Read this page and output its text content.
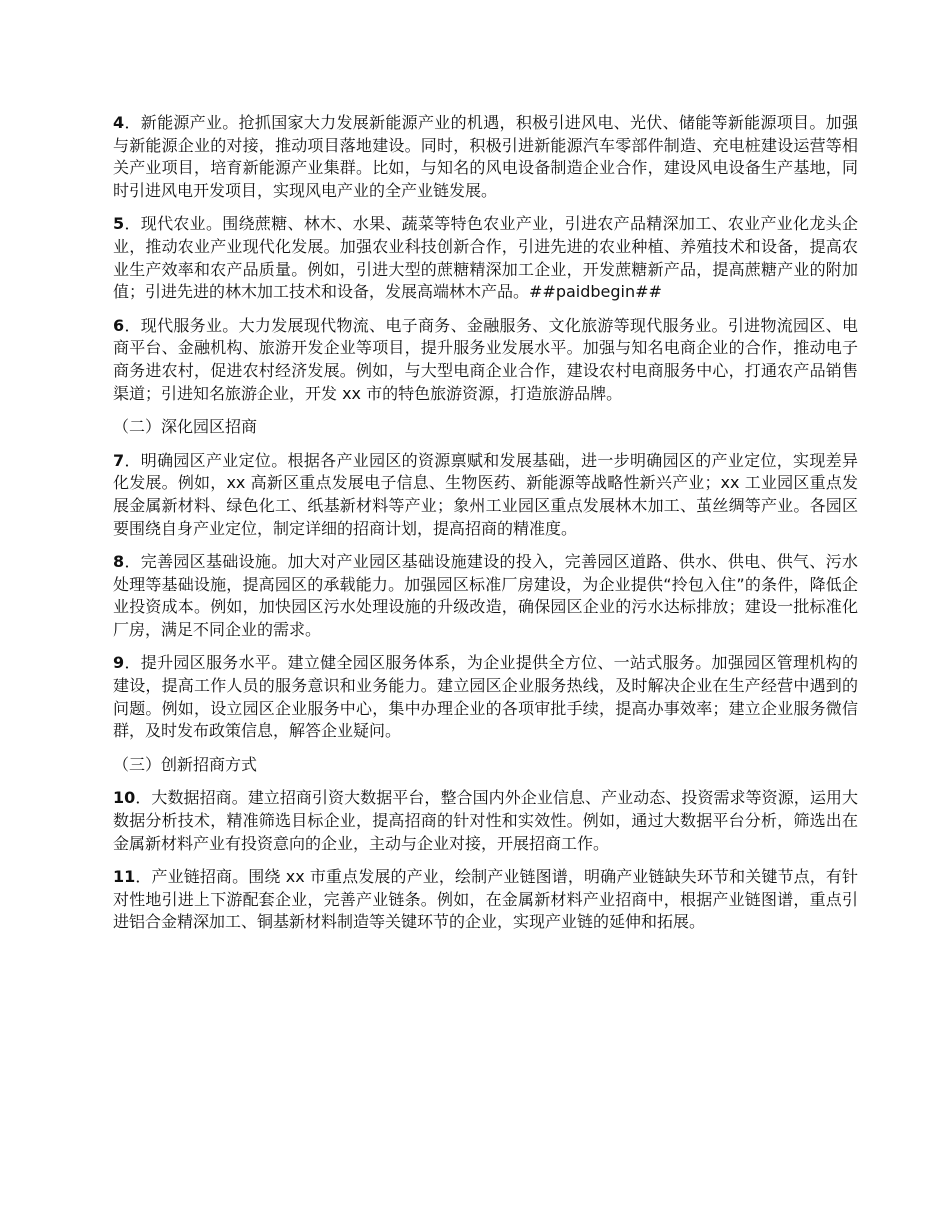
4．新能源产业。抢抓国家大力发展新能源产业的机遇，积极引进风电、光伏、储能等新能源项目。加强与新能源企业的对接，推动项目落地建设。同时，积极引进新能源汽车零部件制造、充电桩建设运营等相关产业项目，培育新能源产业集群。比如，与知名的风电设备制造企业合作，建设风电设备生产基地，同时引进风电开发项目，实现风电产业的全产业链发展。

5．现代农业。围绕蔗糖、林木、水果、蔬菜等特色农业产业，引进农产品精深加工、农业产业化龙头企业，推动农业产业现代化发展。加强农业科技创新合作，引进先进的农业种植、养殖技术和设备，提高农业生产效率和农产品质量。例如，引进大型的蔗糖精深加工企业，开发蔗糖新产品，提高蔗糖产业的附加值；引进先进的林木加工技术和设备，发展高端林木产品。##paidbegin##

6．现代服务业。大力发展现代物流、电子商务、金融服务、文化旅游等现代服务业。引进物流园区、电商平台、金融机构、旅游开发企业等项目，提升服务业发展水平。加强与知名电商企业的合作，推动电子商务进农村，促进农村经济发展。例如，与大型电商企业合作，建设农村电商服务中心，打通农产品销售渠道；引进知名旅游企业，开发 xx 市的特色旅游资源，打造旅游品牌。

（二）深化园区招商

7．明确园区产业定位。根据各产业园区的资源禀赋和发展基础，进一步明确园区的产业定位，实现差异化发展。例如，xx 高新区重点发展电子信息、生物医药、新能源等战略性新兴产业；xx 工业园区重点发展金属新材料、绿色化工、纸基新材料等产业；象州工业园区重点发展林木加工、茧丝绸等产业。各园区要围绕自身产业定位，制定详细的招商计划，提高招商的精准度。

8．完善园区基础设施。加大对产业园区基础设施建设的投入，完善园区道路、供水、供电、供气、污水处理等基础设施，提高园区的承载能力。加强园区标准厂房建设，为企业提供“拎包入住”的条件，降低企业投资成本。例如，加快园区污水处理设施的升级改造，确保园区企业的污水达标排放；建设一批标准化厂房，满足不同企业的需求。

9．提升园区服务水平。建立健全园区服务体系，为企业提供全方位、一站式服务。加强园区管理机构的建设，提高工作人员的服务意识和业务能力。建立园区企业服务热线，及时解决企业在生产经营中遇到的问题。例如，设立园区企业服务中心，集中办理企业的各项审批手续，提高办事效率；建立企业服务微信群，及时发布政策信息，解答企业疑问。

（三）创新招商方式

10．大数据招商。建立招商引资大数据平台，整合国内外企业信息、产业动态、投资需求等资源，运用大数据分析技术，精准筛选目标企业，提高招商的针对性和实效性。例如，通过大数据平台分析，筛选出在金属新材料产业有投资意向的企业，主动与企业对接，开展招商工作。

11．产业链招商。围绕 xx 市重点发展的产业，绘制产业链图谱，明确产业链缺失环节和关键节点，有针对性地引进上下游配套企业，完善产业链条。例如，在金属新材料产业招商中，根据产业链图谱，重点引进铝合金精深加工、铜基新材料制造等关键环节的企业，实现产业链的延伸和拓展。
